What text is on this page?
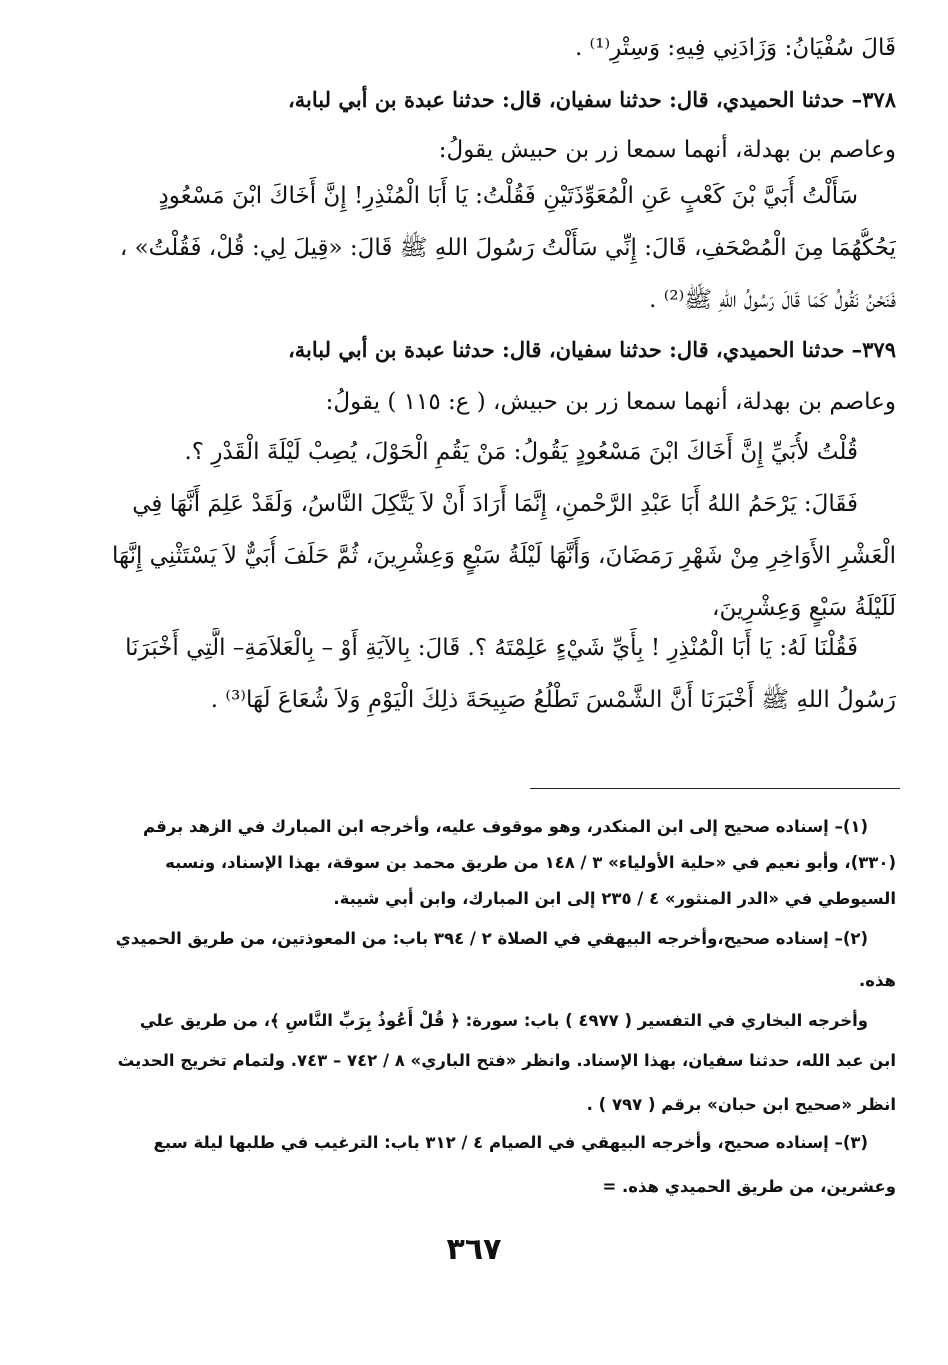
قَالَ سُفْيَانُ: وَزَادَنِي فِيهِ: وَسِتْرِ⁽¹⁾ .
٣٧٨– حدثنا الحميدي، قال: حدثنا سفيان، قال: حدثنا عبدة بن أبي لبابة،
وعاصم بن بهدلة، أنهما سمعا زر بن حبيش يقولُ:
سَأَلْتُ أُبَيَّ بْنَ كَعْبٍ عَنِ الْمُعَوِّذَتَيْنِ فَقُلْتُ: يَا أَبَا الْمُنْذِرِ! إِنَّ أَخَاكَ ابْنَ مَسْعُودٍ
يَحُكُّهُمَا مِنَ الْمُصْحَفِ، قَالَ: إِنِّي سَأَلْتُ رَسُولَ اللهِ ﷺ قَالَ: «قِيلَ لِي: قُلْ، فَقُلْتُ» ،
فَنَحْنُ نَقُولُ كَمَا قَالَ رَسُولُ اللهِ ﷺ⁽²⁾ .
٣٧٩– حدثنا الحميدي، قال: حدثنا سفيان، قال: حدثنا عبدة بن أبي لبابة،
وعاصم بن بهدلة، أنهما سمعا زر بن حبيش، ( ع: ١١٥ ) يقولُ:
قُلْتُ لأُبَيِّ إِنَّ أَخَاكَ ابْنَ مَسْعُودٍ يَقُولُ: مَنْ يَقُمِ الْحَوْلَ، يُصِبْ لَيْلَةَ الْقَدْرِ ؟.
فَقَالَ: يَرْحَمُ اللهُ أَبَا عَبْدِ الرَّحْمنِ، إِنَّمَا أَرَادَ أَنْ لاَ يَتَّكِلَ النَّاسُ، وَلَقَدْ عَلِمَ أَنَّهَا فِي
الْعَشْرِ الأَوَاخِرِ مِنْ شَهْرِ رَمَضَانَ، وَأَنَّهَا لَيْلَةُ سَبْعٍ وَعِشْرِينَ، ثُمَّ حَلَفَ أُبَيٌّ لاَ يَسْتَثْنِي إِنَّهَا
لَلَيْلَةُ سَبْعٍ وَعِشْرِينَ،
فَقُلْنَا لَهُ: يَا أَبَا الْمُنْذِرِ ! بِأَيِّ شَيْءٍ عَلِمْتَهُ ؟. قَالَ: بِالآيَةِ أَوْ – بِالْعَلاَمَةِ– الَّتِي أَخْبَرَنَا
رَسُولُ اللهِ ﷺ أَخْبَرَنَا أَنَّ الشَّمْسَ تَطْلُعُ صَبِيحَةَ ذلِكَ الْيَوْمِ وَلاَ شُعَاعَ لَهَا⁽³⁾ .
(١)– إسناده صحيح إلى ابن المنكدر، وهو موقوف عليه، وأخرجه ابن المبارك في الزهد برقم
(٣٣٠)، وأبو نعيم في «حلية الأولياء» ٣ / ١٤٨ من طريق محمد بن سوقة، بهذا الإسناد، ونسبه
السيوطي في «الدر المنثور» ٤ / ٢٣٥ إلى ابن المبارك، وابن أبي شيبة.
(٢)– إسناده صحيح،وأخرجه البيهقي في الصلاة ٢ / ٣٩٤ باب: من المعوذتين، من طريق الحميدي
هذه.
وأخرجه البخاري في التفسير ( ٤٩٧٧ ) باب: سورة: ﴿ قُلْ أَعُوذُ بِرَبِّ النَّاسِ ﴾، من طريق علي
ابن عبد الله، حدثنا سفيان، بهذا الإسناد. وانظر «فتح الباري» ٨ / ٧٤٢ – ٧٤٣. ولتمام تخريج الحديث
انظر «صحيح ابن حبان» برقم ( ٧٩٧ ) .
(٣)– إسناده صحيح، وأخرجه البيهقي في الصيام ٤ / ٣١٢ باب: الترغيب في طلبها ليلة سبع
وعشرين، من طريق الحميدي هذه. =
٣٦٧
